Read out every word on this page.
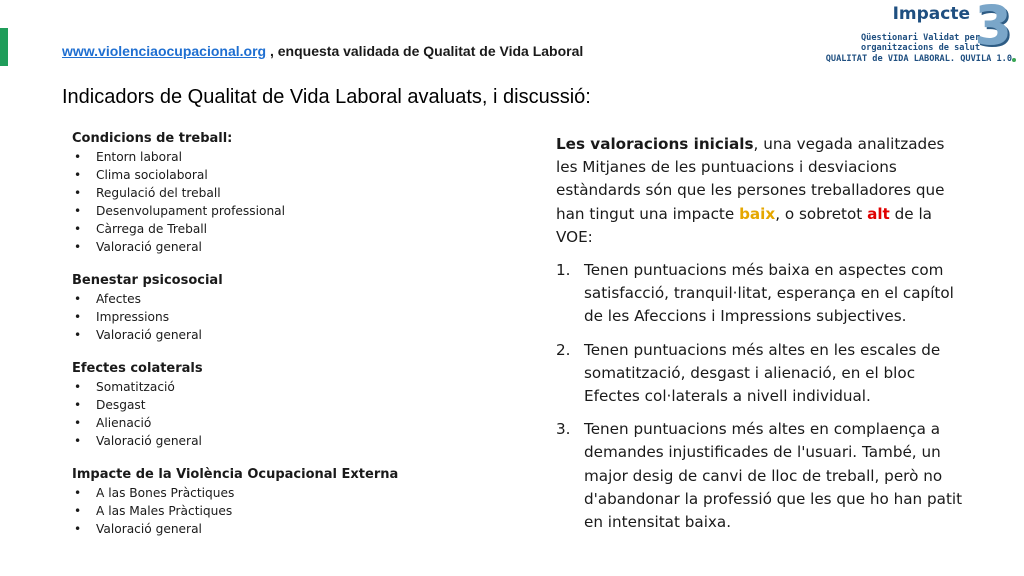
www.violenciaocupacional.org , enquesta validada de Qualitat de Vida Laboral
Impacte 3
Qüestionari Validat per
organitzacions de salut
QUALITAT de VIDA LABORAL. QUVILA 1.0
Indicadors de Qualitat de Vida Laboral avaluats, i discussió:
Condicions de treball:
• Entorn laboral
• Clima sociolaboral
• Regulació del treball
• Desenvolupament professional
• Càrrega de Treball
• Valoració general
Benestar psicosocial
• Afectes
• Impressions
• Valoració general
Efectes colaterals
• Somatització
• Desgast
• Alienació
• Valoració general
Impacte de la Violència Ocupacional Externa
• A las Bones Pràctiques
• A las Males Pràctiques
• Valoració general

Les valoracions inicials, una vegada analitzades les Mitjanes de les puntuacions i desviacions estàndards són que les persones treballadores que han tingut una impacte baix, o sobretot alt de la VOE:

1. Tenen puntuacions més baixa en aspectes com satisfacció, tranquil·litat, esperança en el capítol de les Afeccions i Impressions subjectives.
2. Tenen puntuacions més altes en les escales de somatització, desgast i alienació, en el bloc Efectes col·laterals a nivell individual.
3. Tenen puntuacions més altes en complaença a demandes injustificades de l'usuari. També, un major desig de canvi de lloc de treball, però no d'abandonar la professió que les que ho han patit en intensitat baixa.
